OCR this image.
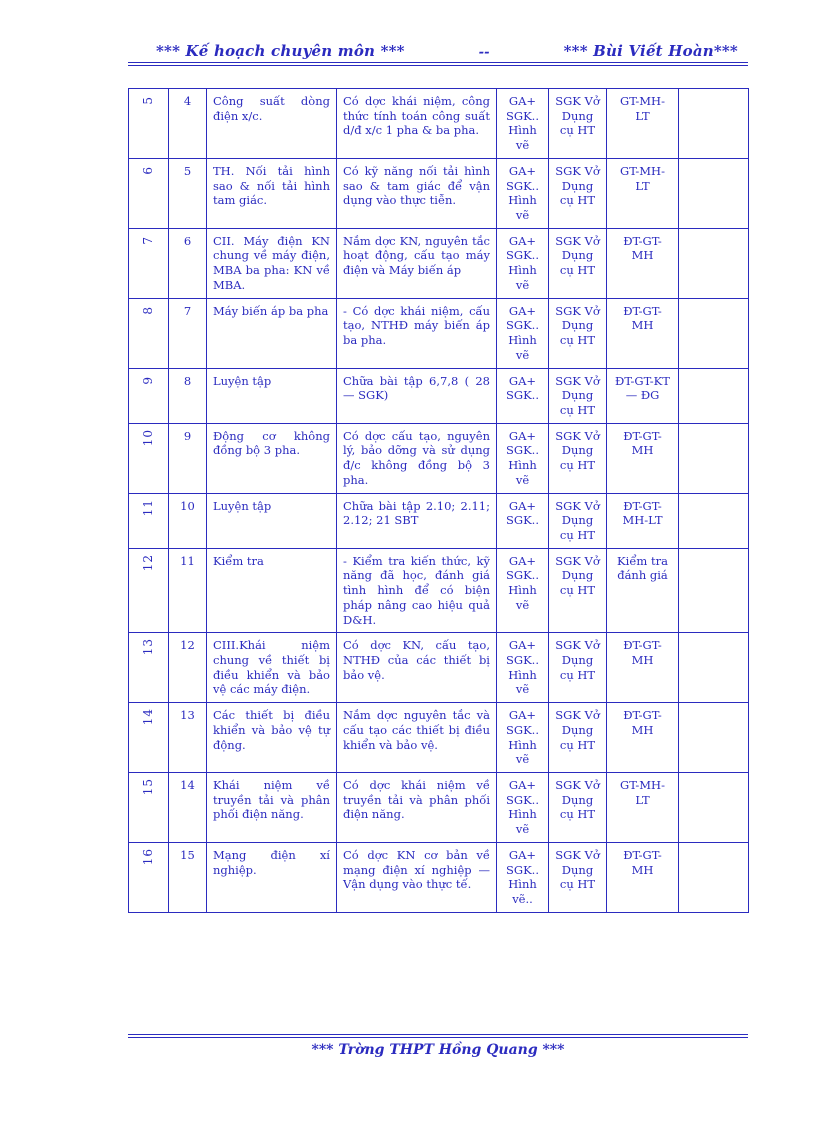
*** Kế hoạch chuyên môn ***	--	*** Bùi Viết Hoàn***
5	4	Công suất dòng điện x/c.	Có dợc khái niệm, công thức tính toán công suất d/đ x/c 1 pha & ba pha.	GA+ SGK.. Hình vẽ	SGK Vở Dụng cụ HT	GT-MH-LT	
6	5	TH. Nối tải hình sao & nối tải hình tam giác.	Có kỹ năng nối tải hình sao & tam giác để vận dụng vào thực tiễn.	GA+ SGK.. Hình vẽ	SGK Vở Dụng cụ HT	GT-MH-LT	
7	6	CII. Máy điện KN chung về máy điện, MBA ba pha: KN về MBA.	Nắm dợc KN, nguyên tắc hoạt động, cấu tạo máy điện và Máy biến áp	GA+ SGK.. Hình vẽ	SGK Vở Dụng cụ HT	ĐT-GT-MH	
8	7	Máy biến áp ba pha	- Có dợc khái niệm, cấu tạo, NTHĐ máy biến áp ba pha.	GA+ SGK.. Hình vẽ	SGK Vở Dụng cụ HT	ĐT-GT-MH	
9	8	Luyện tập	Chữa bài tập 6,7,8 ( 28 — SGK)	GA+ SGK..	SGK Vở Dụng cụ HT	ĐT-GT-KT — ĐG	
10	9	Động cơ không đồng bộ 3 pha.	Có dợc cấu tạo, nguyên lý, bảo dỡng và sử dụng đ/c không đồng bộ 3 pha.	GA+ SGK.. Hình vẽ	SGK Vở Dụng cụ HT	ĐT-GT-MH	
11	10	Luyện tập	Chữa bài tập 2.10; 2.11; 2.12; 21 SBT	GA+ SGK..	SGK Vở Dụng cụ HT	ĐT-GT-MH-LT	
12	11	Kiểm tra	- Kiểm tra kiến thức, kỹ năng đã học, đánh giá tình hình để có biện pháp nâng cao hiệu quả D&H.	GA+ SGK.. Hình vẽ	SGK Vở Dụng cụ HT	Kiểm tra đánh giá	
13	12	CIII.Khái niệm chung về thiết bị điều khiển và bảo vệ các máy điện.	Có dợc KN, cấu tạo, NTHĐ của các thiết bị bảo vệ.	GA+ SGK.. Hình vẽ	SGK Vở Dụng cụ HT	ĐT-GT-MH	
14	13	Các thiết bị điều khiển và bảo vệ tự động.	Nắm dợc nguyên tắc và cấu tạo các thiết bị điều khiển và bảo vệ.	GA+ SGK.. Hình vẽ	SGK Vở Dụng cụ HT	ĐT-GT-MH	
15	14	Khái niệm về truyền tải và phân phối điện năng.	Có dợc khái niệm về truyền tải và phân phối điện năng.	GA+ SGK.. Hình vẽ	SGK Vở Dụng cụ HT	GT-MH-LT	
16	15	Mạng điện xí nghiệp.	Có dợc KN cơ bản về mạng điện xí nghiệp — Vận dụng vào thực tế.	GA+ SGK.. Hình vẽ..	SGK Vở Dụng cụ HT	ĐT-GT-MH	
*** Trờng THPT Hồng Quang ***
